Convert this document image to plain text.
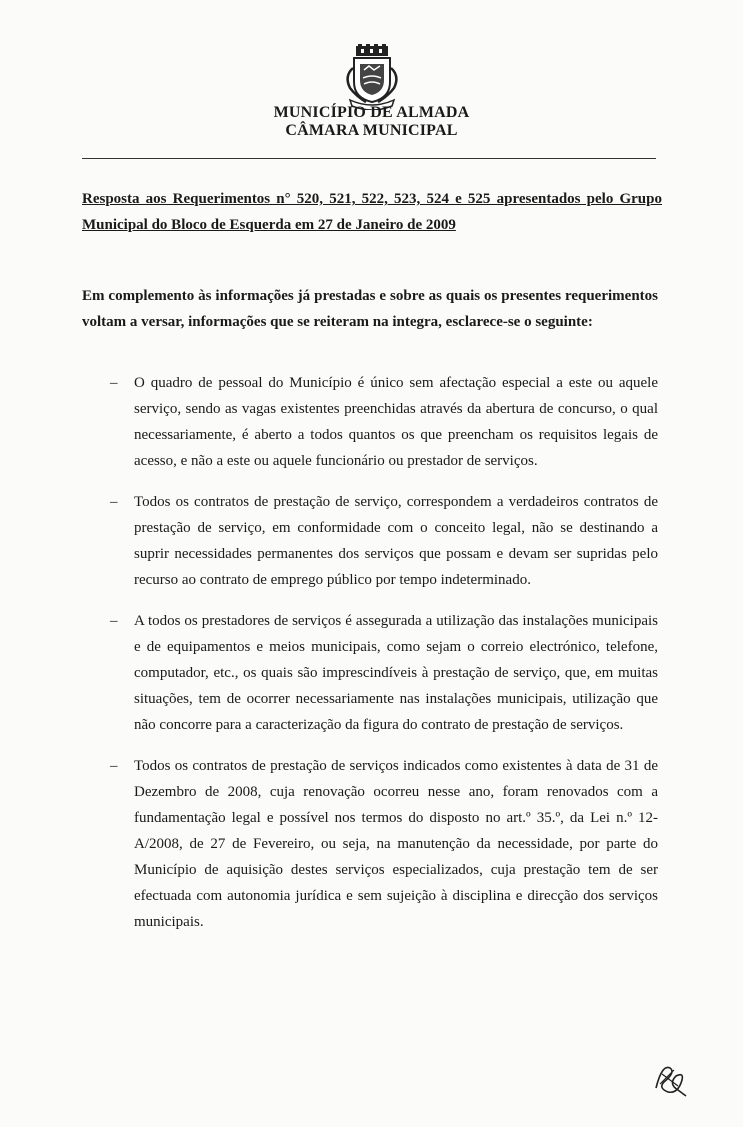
MUNICÍPIO DE ALMADA
CÂMARA MUNICIPAL
Resposta aos Requerimentos n° 520, 521, 522, 523, 524 e 525 apresentados pelo Grupo Municipal do Bloco de Esquerda em 27 de Janeiro de 2009
Em complemento às informações já prestadas e sobre as quais os presentes requerimentos voltam a versar, informações que se reiteram na integra, esclarece-se o seguinte:
– O quadro de pessoal do Município é único sem afectação especial a este ou aquele serviço, sendo as vagas existentes preenchidas através da abertura de concurso, o qual necessariamente, é aberto a todos quantos os que preencham os requisitos legais de acesso, e não a este ou aquele funcionário ou prestador de serviços.
– Todos os contratos de prestação de serviço, correspondem a verdadeiros contratos de prestação de serviço, em conformidade com o conceito legal, não se destinando a suprir necessidades permanentes dos serviços que possam e devam ser supridas pelo recurso ao contrato de emprego público por tempo indeterminado.
– A todos os prestadores de serviços é assegurada a utilização das instalações municipais e de equipamentos e meios municipais, como sejam o correio electrónico, telefone, computador, etc., os quais são imprescindíveis à prestação de serviço, que, em muitas situações, tem de ocorrer necessariamente nas instalações municipais, utilização que não concorre para a caracterização da figura do contrato de prestação de serviços.
– Todos os contratos de prestação de serviços indicados como existentes à data de 31 de Dezembro de 2008, cuja renovação ocorreu nesse ano, foram renovados com a fundamentação legal e possível nos termos do disposto no art.º 35.º, da Lei n.º 12-A/2008, de 27 de Fevereiro, ou seja, na manutenção da necessidade, por parte do Município de aquisição destes serviços especializados, cuja prestação tem de ser efectuada com autonomia jurídica e sem sujeição à disciplina e direcção dos serviços municipais.
